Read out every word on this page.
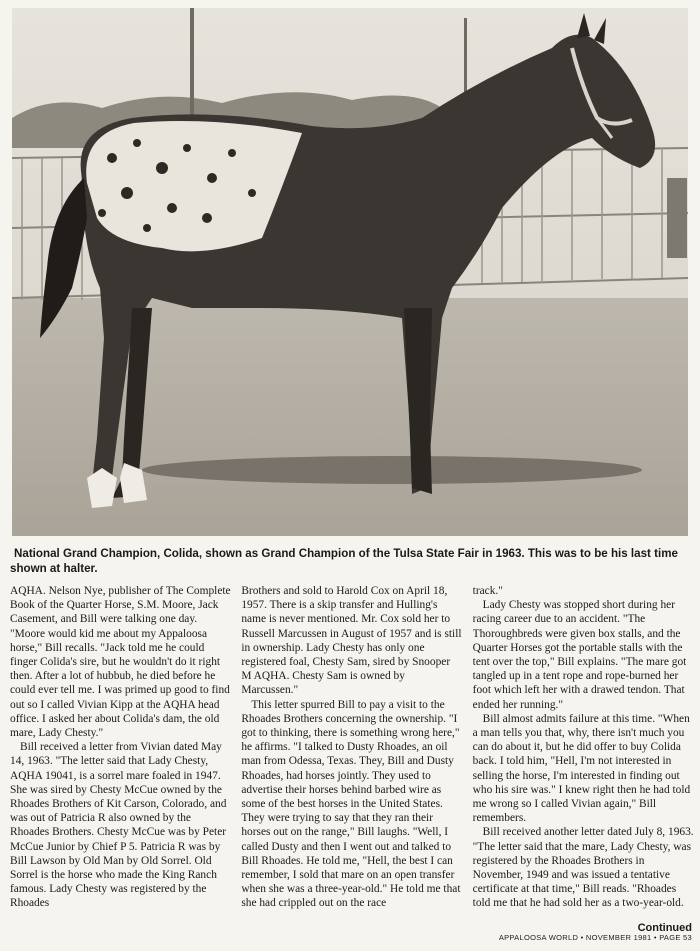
National Grand Champion, Colida, shown as Grand Champion of the Tulsa State Fair in 1963. This was to be his last time shown at halter.

AQHA. Nelson Nye, publisher of The Complete Book of the Quarter Horse, S.M. Moore, Jack Casement, and Bill were talking one day. "Moore would kid me about my Appaloosa horse," Bill recalls. "Jack told me he could finger Colida's sire, but he wouldn't do it right then. After a lot of hubbub, he died before he could ever tell me. I was primed up good to find out so I called Vivian Kipp at the AQHA head office. I asked her about Colida's dam, the old mare, Lady Chesty."

Bill received a letter from Vivian dated May 14, 1963. "The letter said that Lady Chesty, AQHA 19041, is a sorrel mare foaled in 1947. She was sired by Chesty McCue owned by the Rhoades Brothers of Kit Carson, Colorado, and was out of Patricia R also owned by the Rhoades Brothers. Chesty McCue was by Peter McCue Junior by Chief P 5. Patricia R was by Bill Lawson by Old Man by Old Sorrel. Old Sorrel is the horse who made the King Ranch famous. Lady Chesty was registered by the Rhoades

Brothers and sold to Harold Cox on April 18, 1957. There is a skip transfer and Hulling's name is never mentioned. Mr. Cox sold her to Russell Marcussen in August of 1957 and is still in ownership. Lady Chesty has only one registered foal, Chesty Sam, sired by Snooper M AQHA. Chesty Sam is owned by Marcussen."

This letter spurred Bill to pay a visit to the Rhoades Brothers concerning the ownership. "I got to thinking, there is something wrong here," he affirms. "I talked to Dusty Rhoades, an oil man from Odessa, Texas. They, Bill and Dusty Rhoades, had horses jointly. They used to advertise their horses behind barbed wire as some of the best horses in the United States. They were trying to say that they ran their horses out on the range," Bill laughs. "Well, I called Dusty and then I went out and talked to Bill Rhoades. He told me, "Hell, the best I can remember, I sold that mare on an open transfer when she was a three-year-old." He told me that she had crippled out on the race

track."

Lady Chesty was stopped short during her racing career due to an accident. "The Thoroughbreds were given box stalls, and the Quarter Horses got the portable stalls with the tent over the top," Bill explains. "The mare got tangled up in a tent rope and rope-burned her foot which left her with a drawed tendon. That ended her running."

Bill almost admits failure at this time. "When a man tells you that, why, there isn't much you can do about it, but he did offer to buy Colida back. I told him, "Hell, I'm not interested in selling the horse, I'm interested in finding out who his sire was." I knew right then he had told me wrong so I called Vivian again," Bill remembers.

Bill received another letter dated July 8, 1963. "The letter said that the mare, Lady Chesty, was registered by the Rhoades Brothers in November, 1949 and was issued a tentative certificate at that time," Bill reads. "Rhoades told me that he had sold her as a two-year-old.

Continued
APPALOOSA WORLD • NOVEMBER 1981 • PAGE 53
